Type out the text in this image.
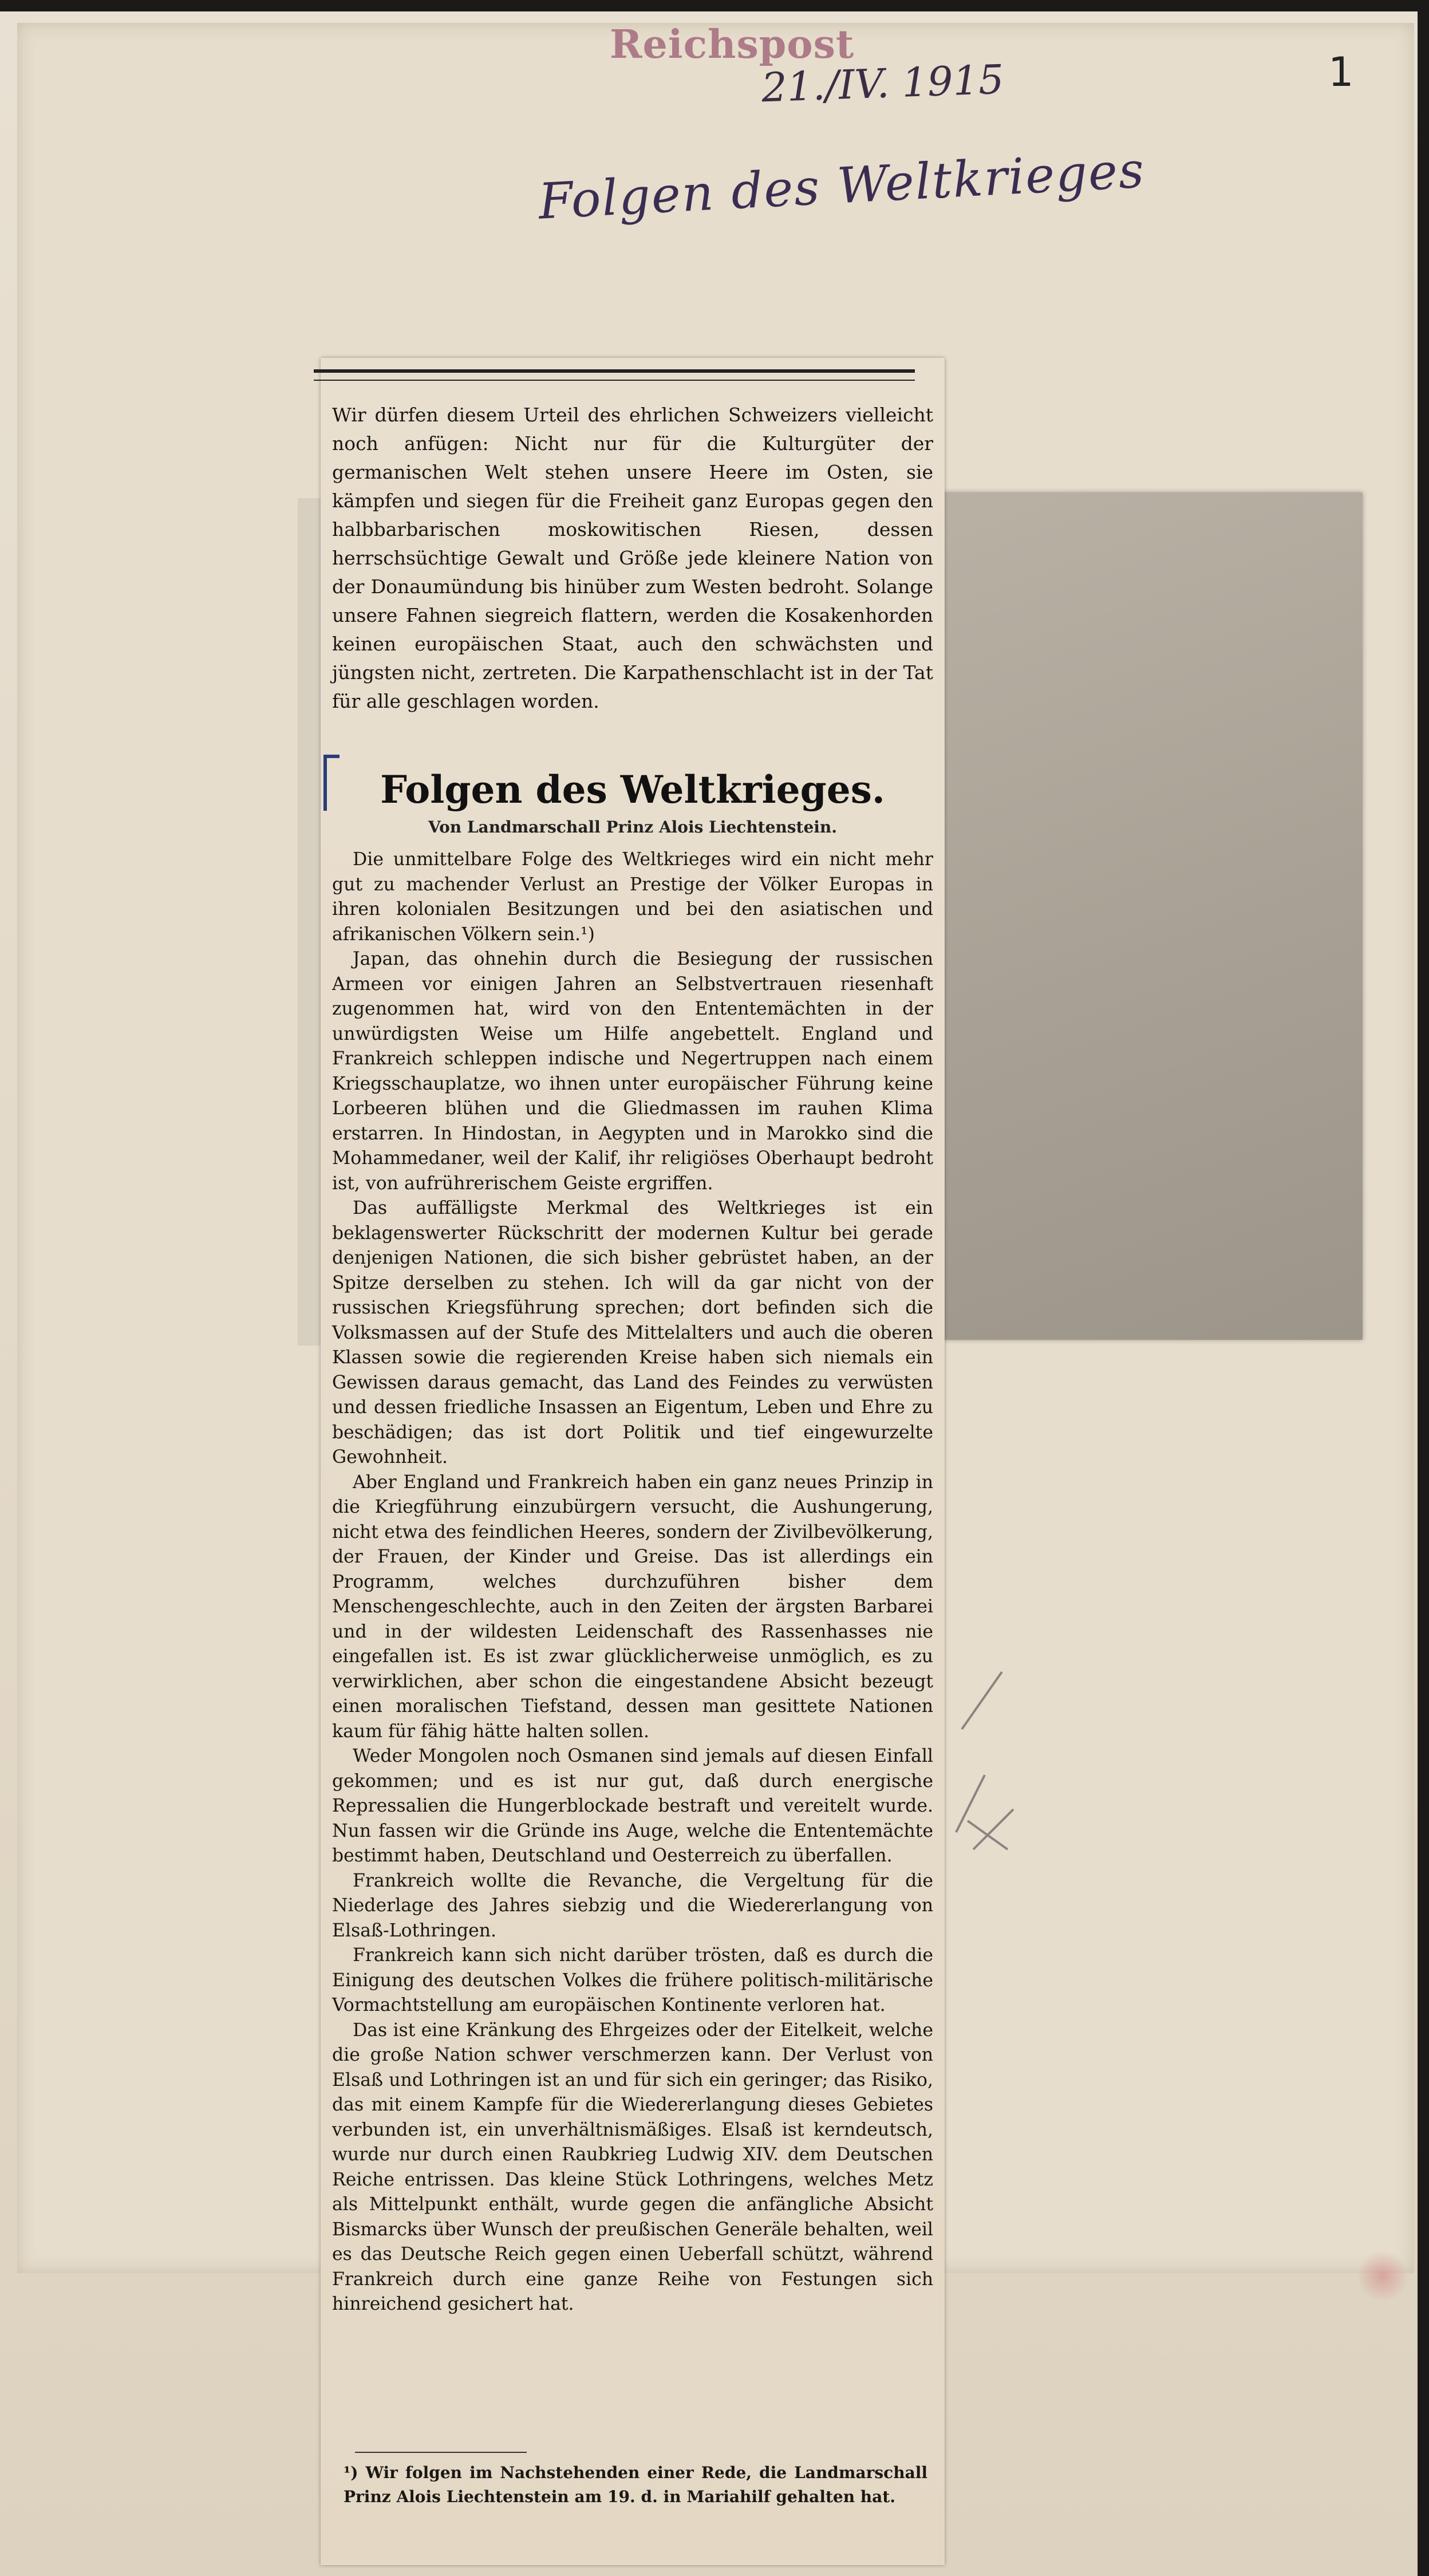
Reichspost
21./IV. 1915	1
Folgen des Weltkrieges
Wir dürfen diesem Urteil des ehrlichen Schweizers vielleicht noch anfügen: Nicht nur für die Kulturgüter der germanischen Welt stehen unsere Heere im Osten, sie kämpfen und siegen für die Freiheit ganz Europas gegen den halbbarbarischen moskowitischen Riesen, dessen herrschsüchtige Gewalt und Größe jede kleinere Nation von der Donaumündung bis hinüber zum Westen bedroht. Solange unsere Fahnen siegreich flattern, werden die Kosakenhorden keinen europäischen Staat, auch den schwächsten und jüngsten nicht, zertreten. Die Karpathenschlacht ist in der Tat für alle geschlagen worden.
Folgen des Weltkrieges.
Von Landmarschall Prinz Alois Liechtenstein.

Die unmittelbare Folge des Weltkrieges wird ein nicht mehr gut zu machender Verlust an Prestige der Völker Europas in ihren kolonialen Besitzungen und bei den asiatischen und afrikanischen Völkern sein.¹)

Japan, das ohnehin durch die Besiegung der russischen Armeen vor einigen Jahren an Selbstvertrauen riesenhaft zugenommen hat, wird von den Ententemächten in der unwürdigsten Weise um Hilfe angebettelt. England und Frankreich schleppen indische und Negertruppen nach einem Kriegsschauplatze, wo ihnen unter europäischer Führung keine Lorbeeren blühen und die Gliedmassen im rauhen Klima erstarren. In Hindostan, in Aegypten und in Marokko sind die Mohammedaner, weil der Kalif, ihr religiöses Oberhaupt bedroht ist, von aufrührerischem Geiste ergriffen.

Das auffälligste Merkmal des Weltkrieges ist ein beklagenswerter Rückschritt der modernen Kultur bei gerade denjenigen Nationen, die sich bisher gebrüstet haben, an der Spitze derselben zu stehen. Ich will da gar nicht von der russischen Kriegsführung sprechen; dort befinden sich die Volksmassen auf der Stufe des Mittelalters und auch die oberen Klassen sowie die regierenden Kreise haben sich niemals ein Gewissen daraus gemacht, das Land des Feindes zu verwüsten und dessen friedliche Insassen an Eigentum, Leben und Ehre zu beschädigen; das ist dort Politik und tief eingewurzelte Gewohnheit.

Aber England und Frankreich haben ein ganz neues Prinzip in die Kriegführung einzubürgern versucht, die Aushungerung, nicht etwa des feindlichen Heeres, sondern der Zivilbevölkerung, der Frauen, der Kinder und Greise. Das ist allerdings ein Programm, welches durchzuführen bisher dem Menschengeschlechte, auch in den Zeiten der ärgsten Barbarei und in der wildesten Leidenschaft des Rassenhasses nie eingefallen ist. Es ist zwar glücklicherweise unmöglich, es zu verwirklichen, aber schon die eingestandene Absicht bezeugt einen moralischen Tiefstand, dessen man gesittete Nationen kaum für fähig hätte halten sollen.

Weder Mongolen noch Osmanen sind jemals auf diesen Einfall gekommen; und es ist nur gut, daß durch energische Repressalien die Hungerblockade bestraft und vereitelt wurde. Nun fassen wir die Gründe ins Auge, welche die Ententemächte bestimmt haben, Deutschland und Oesterreich zu überfallen.

Frankreich wollte die Revanche, die Vergeltung für die Niederlage des Jahres siebzig und die Wiedererlangung von Elsaß-Lothringen.

Frankreich kann sich nicht darüber trösten, daß es durch die Einigung des deutschen Volkes die frühere politisch-militärische Vormachtstellung am europäischen Kontinente verloren hat.

Das ist eine Kränkung des Ehrgeizes oder der Eitelkeit, welche die große Nation schwer verschmerzen kann. Der Verlust von Elsaß und Lothringen ist an und für sich ein geringer; das Risiko, das mit einem Kampfe für die Wiedererlangung dieses Gebietes verbunden ist, ein unverhältnismäßiges. Elsaß ist kerndeutsch, wurde nur durch einen Raubkrieg Ludwig XIV. dem Deutschen Reiche entrissen. Das kleine Stück Lothringens, welches Metz als Mittelpunkt enthält, wurde gegen die anfängliche Absicht Bismarcks über Wunsch der preußischen Generäle behalten, weil es das Deutsche Reich gegen einen Ueberfall schützt, während Frankreich durch eine ganze Reihe von Festungen sich hinreichend gesichert hat.

¹) Wir folgen im Nachstehenden einer Rede, die Landmarschall Prinz Alois Liechtenstein am 19. d. in Mariahilf gehalten hat.
